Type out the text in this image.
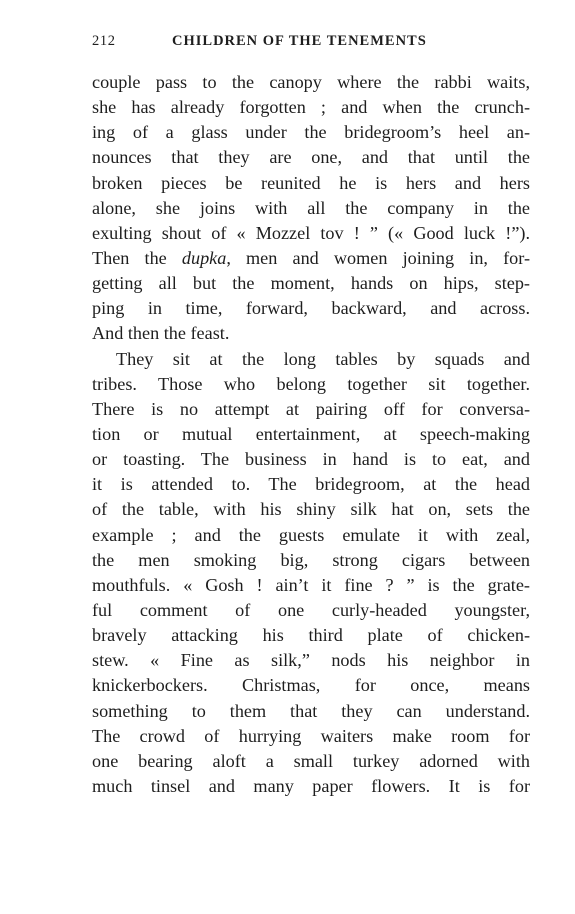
212	CHILDREN OF THE TENEMENTS
couple pass to the canopy where the rabbi waits,
she has already forgotten ; and when the crunch-
ing of a glass under the bridegroom’s heel an-
nounces that they are one, and that until the
broken pieces be reunited he is hers and hers
alone, she joins with all the company in the
exulting shout of « Mozzel tov ! ” (« Good luck !”).
Then the dupka, men and women joining in, for-
getting all but the moment, hands on hips, step-
ping in time, forward, backward, and across.
And then the feast.
They sit at the long tables by squads and
tribes. Those who belong together sit together.
There is no attempt at pairing off for conversa-
tion or mutual entertainment, at speech-making
or toasting. The business in hand is to eat, and
it is attended to. The bridegroom, at the head
of the table, with his shiny silk hat on, sets the
example ; and the guests emulate it with zeal,
the men smoking big, strong cigars between
mouthfuls. « Gosh ! ain’t it fine ? ” is the grate-
ful comment of one curly-headed youngster,
bravely attacking his third plate of chicken-
stew. « Fine as silk,” nods his neighbor in
knickerbockers. Christmas, for once, means
something to them that they can understand.
The crowd of hurrying waiters make room for
one bearing aloft a small turkey adorned with
much tinsel and many paper flowers. It is for
